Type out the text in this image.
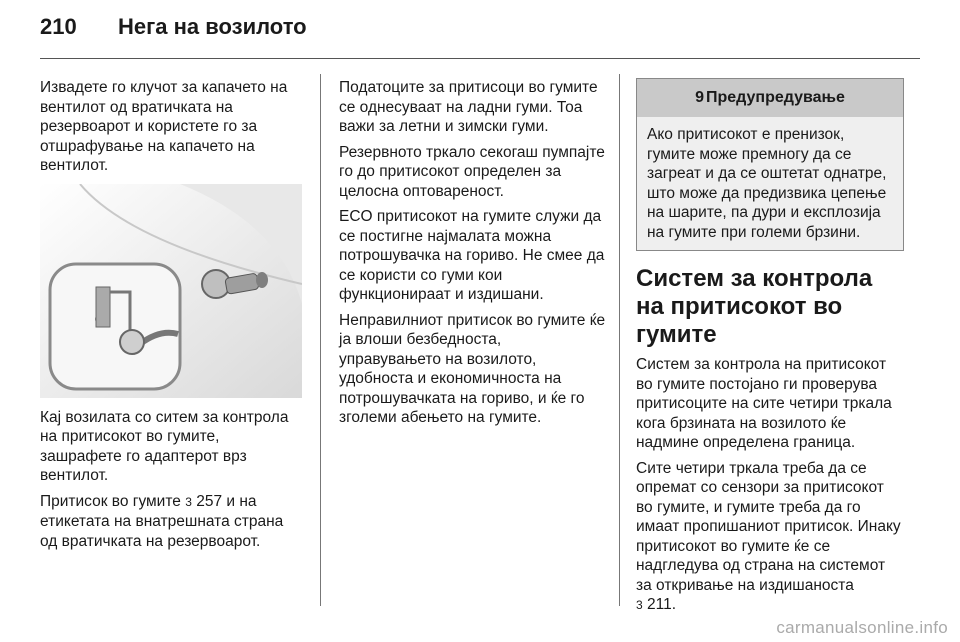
210 Нега на возилото

Извадете го клучот за капачето на вентилот од вратичката на резервоарот и користете го за отшрафување на капачето на вентилот.

Кај возилата со ситем за контрола на притисокот во гумите, зашрафете го адаптерот врз вентилот.

Притисок во гумите 3 257 и на етикетата на внатрешната страна од вратичката на резервоарот.

Податоците за притисоци во гумите се однесуваат на ладни гуми. Тоа важи за летни и зимски гуми.

Резервното тркало секогаш пумпајте го до притисокот определен за целосна оптовареност.

ECO притисокот на гумите служи да се постигне најмалата можна потрошувачка на гориво. Не смее да се користи со гуми кои функционираат и издишани.

Неправилниот притисок во гумите ќе ја влоши безбедноста, управувањето на возилото, удобноста и економичноста на потрошувачката на гориво, и ќе го зголеми абењето на гумите.

9 Предупредување
Ако притисокот е пренизок, гумите може премногу да се загреат и да се оштетат однатре, што може да предизвика цепење на шарите, па дури и експлозија на гумите при големи брзини.
Систем за контрола на притисокот во гумите

Систем за контрола на притисокот во гумите постојано ги проверува притисоците на сите четири тркала кога брзината на возилото ќе надмине определена граница.

Сите четири тркала треба да се опремат со сензори за притисокот во гумите, и гумите треба да го имаат пропишаниот притисок. Инаку притисокот во гумите ќе се надгледува од страна на системот за откривање на издишаноста
3 211.

carmanualsonline.info
